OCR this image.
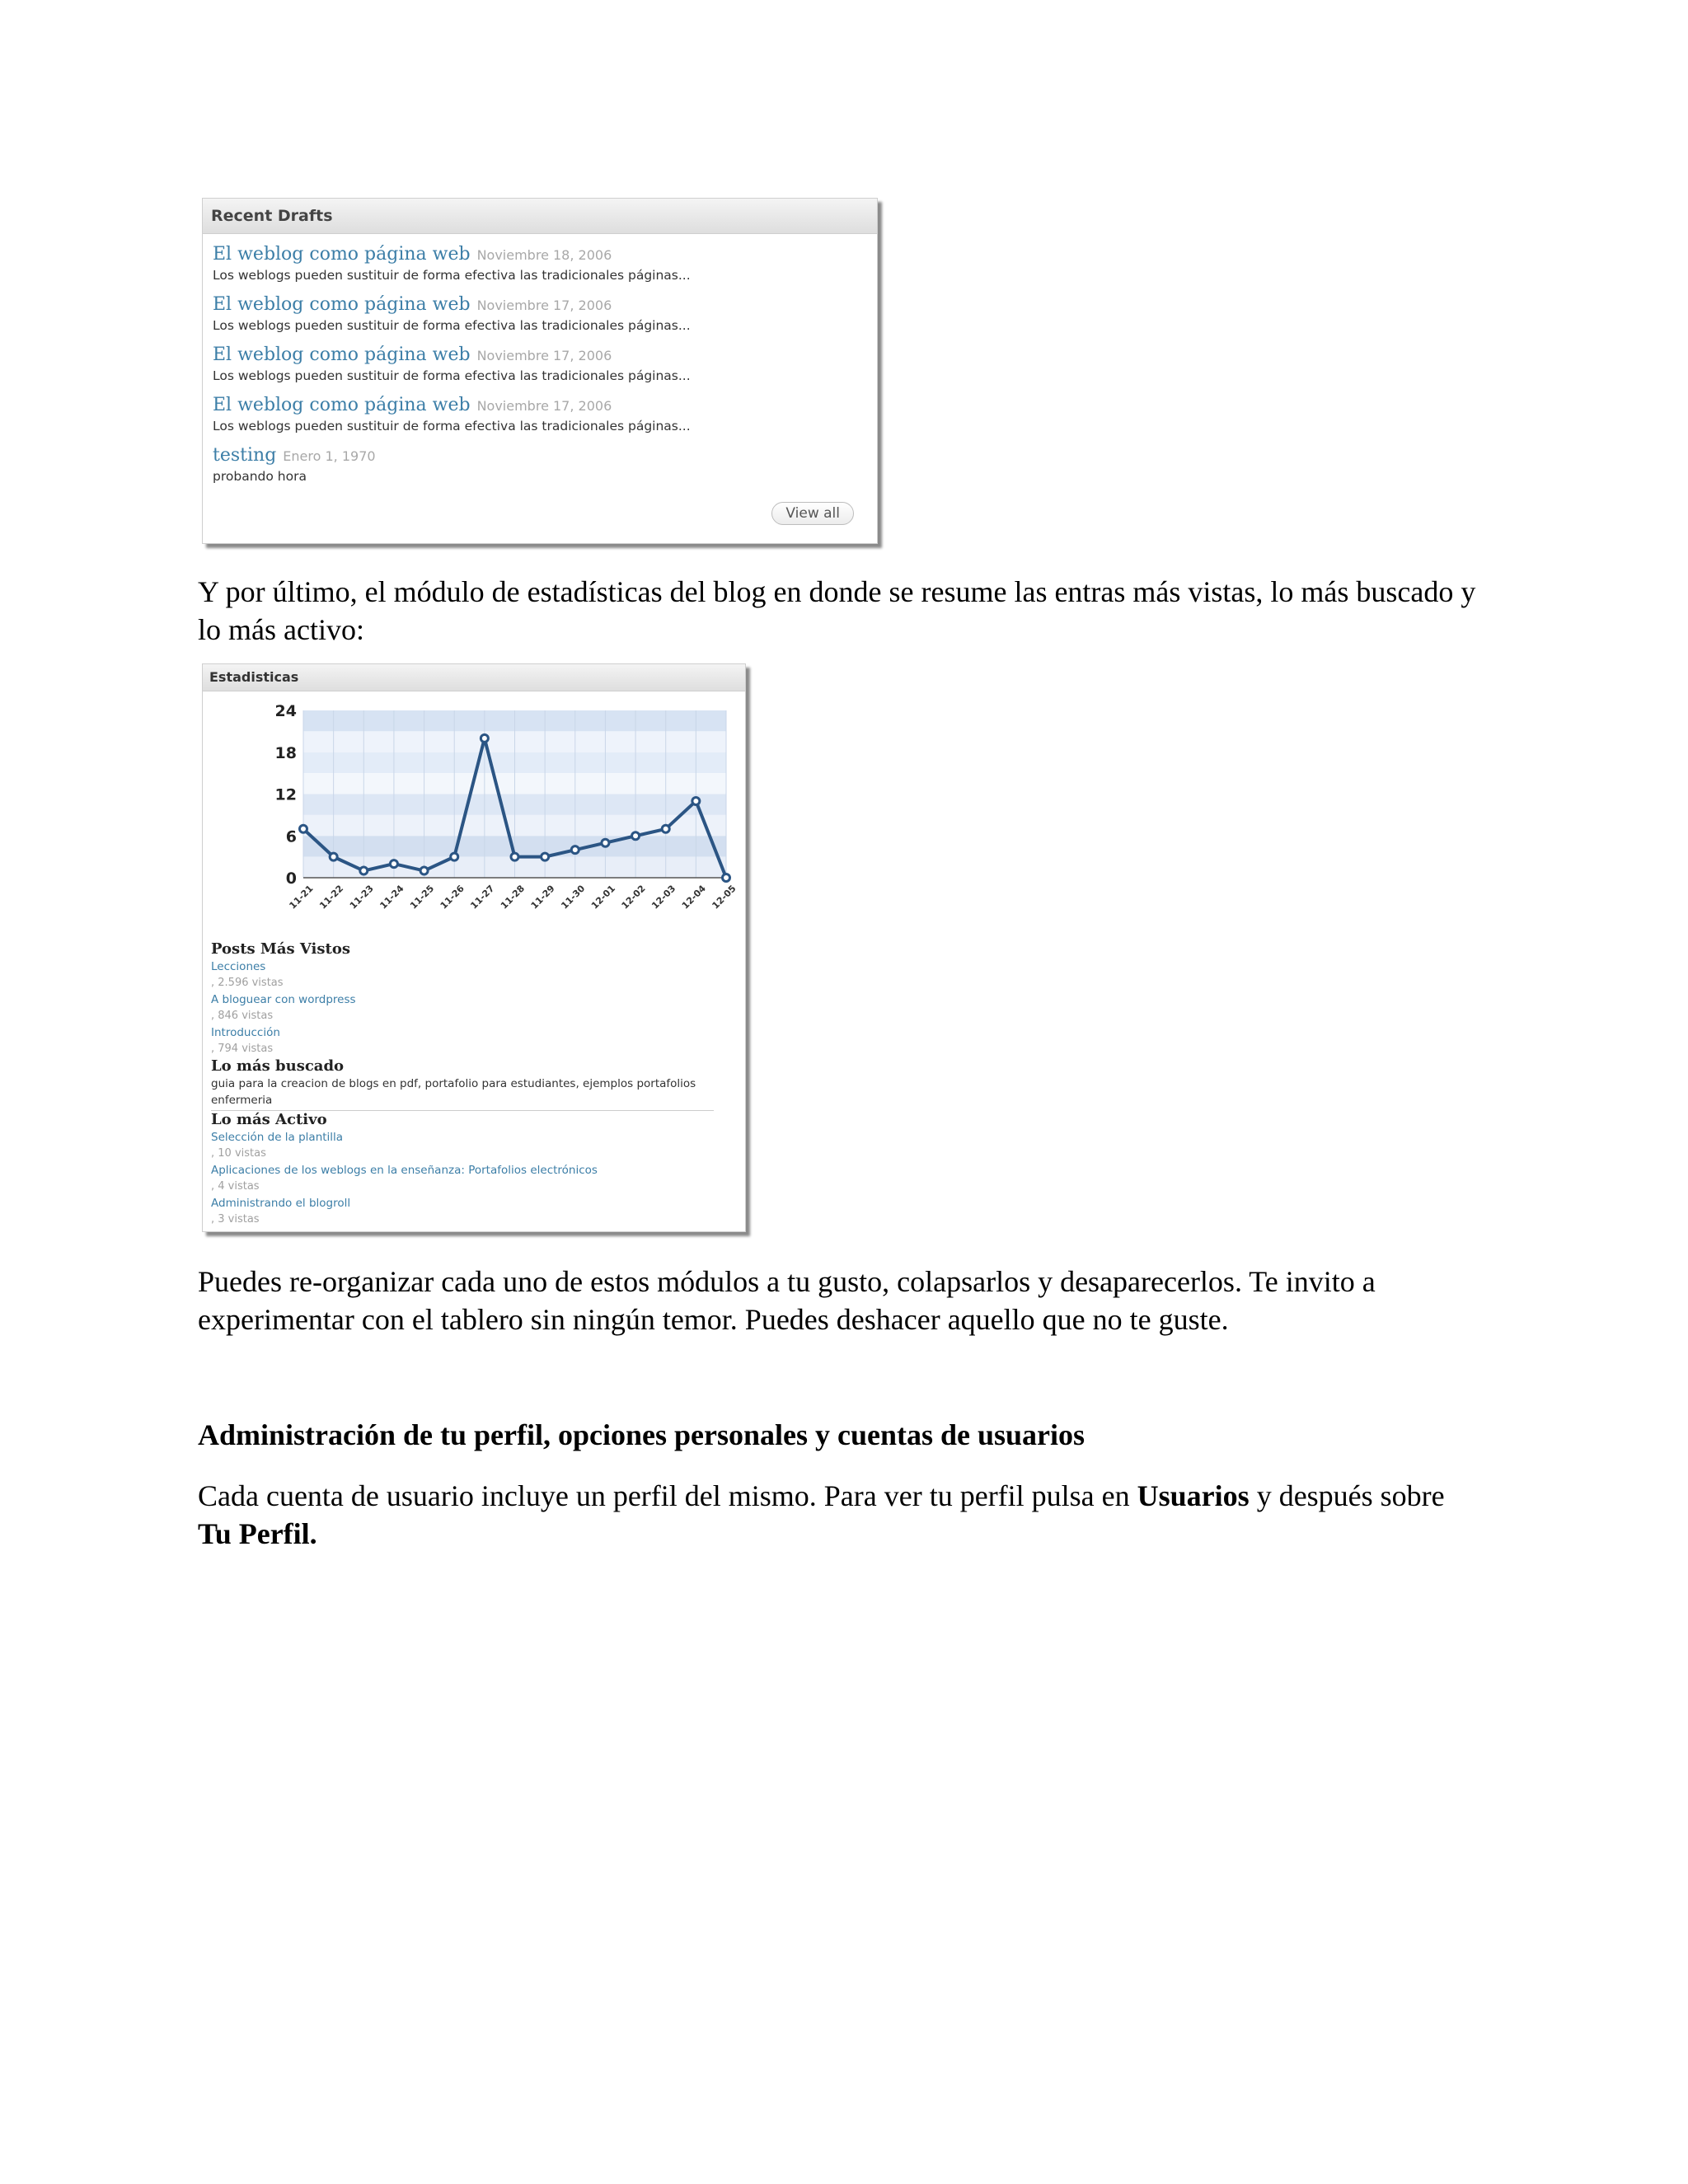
Recent Drafts
El weblog como página web Noviembre 18, 2006
Los weblogs pueden sustituir de forma efectiva las tradicionales páginas...
El weblog como página web Noviembre 17, 2006
Los weblogs pueden sustituir de forma efectiva las tradicionales páginas...
El weblog como página web Noviembre 17, 2006
Los weblogs pueden sustituir de forma efectiva las tradicionales páginas...
El weblog como página web Noviembre 17, 2006
Los weblogs pueden sustituir de forma efectiva las tradicionales páginas...
testing Enero 1, 1970
probando hora
View all
Y por último, el módulo de estadísticas del blog en donde se resume las entras más vistas, lo más buscado y lo más activo:
Estadisticas
0
6
12
18
24
11-21 11-22 11-23 11-24 11-25 11-26 11-27 11-28 11-29 11-30 12-01 12-02 12-03 12-04 12-05
Posts Más Vistos
Lecciones
, 2.596 vistas
A bloguear con wordpress
, 846 vistas
Introducción
, 794 vistas
Lo más buscado
guia para la creacion de blogs en pdf, portafolio para estudiantes, ejemplos portafolios enfermeria
Lo más Activo
Selección de la plantilla
, 10 vistas
Aplicaciones de los weblogs en la enseñanza: Portafolios electrónicos
, 4 vistas
Administrando el blogroll
, 3 vistas
Puedes re-organizar cada uno de estos módulos a tu gusto, colapsarlos y desaparecerlos. Te invito a experimentar con el tablero sin ningún temor. Puedes deshacer aquello que no te guste.
Administración de tu perfil, opciones personales y cuentas de usuarios
Cada cuenta de usuario incluye un perfil del mismo. Para ver tu perfil pulsa en Usuarios y después sobre Tu Perfil.
